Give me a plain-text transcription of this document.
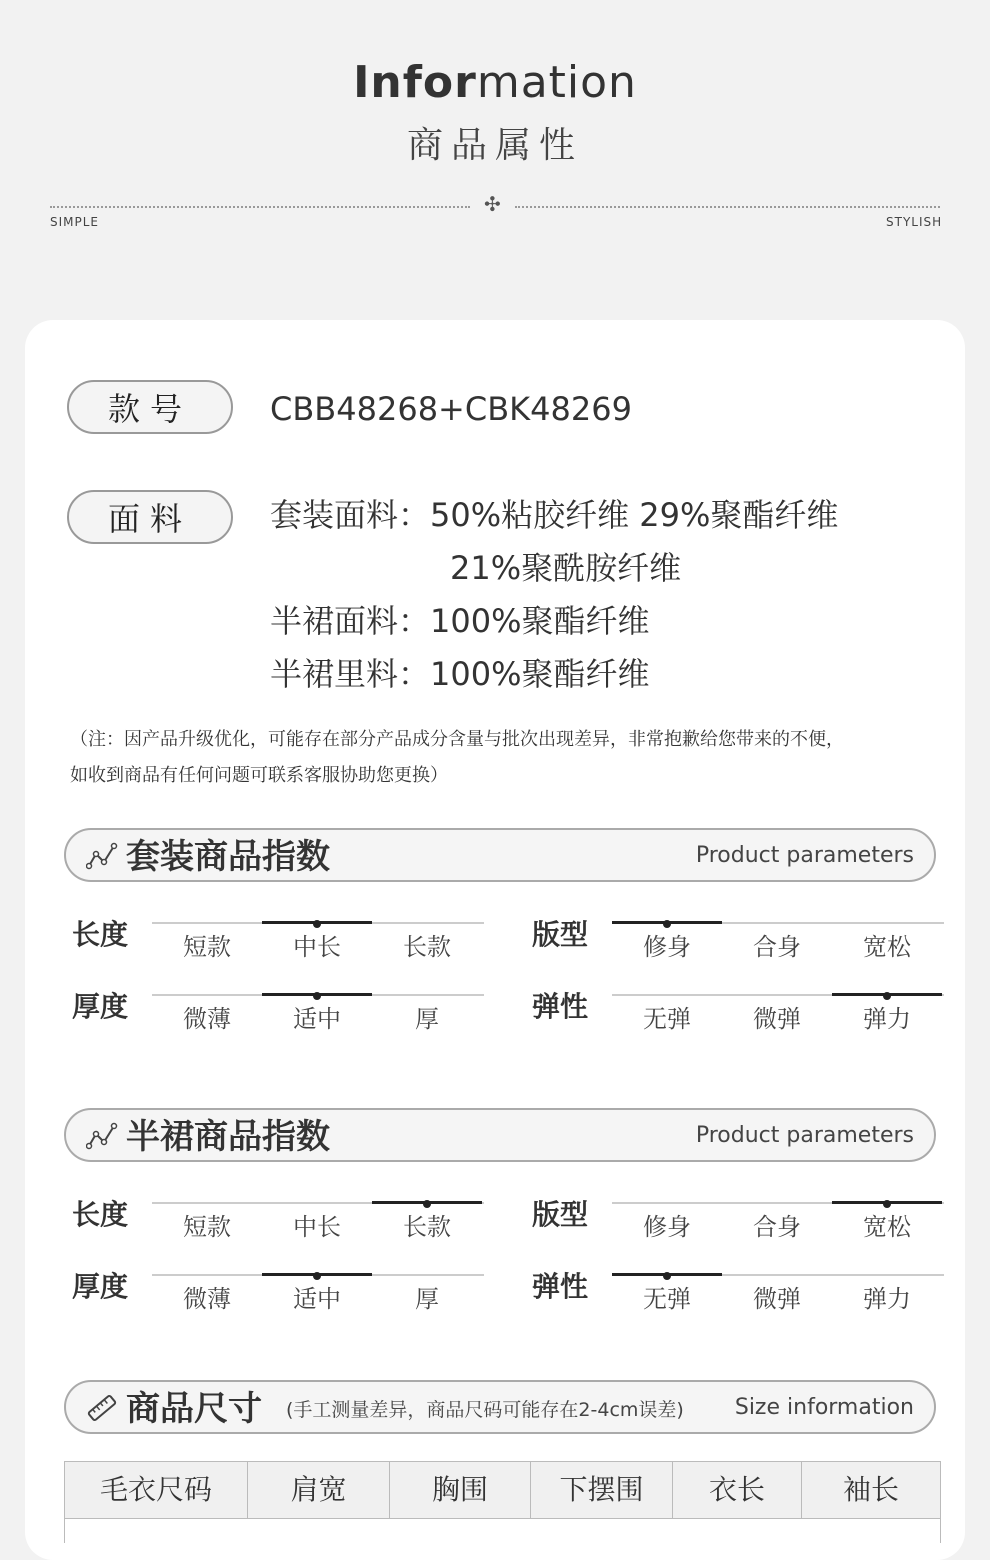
Information
商品属性
✣
SIMPLE	STYLISH
款号	CBB48268+CBK48269
面料	套装面料：50%粘胶纤维 29%聚酯纤维
21%聚酰胺纤维
半裙面料：100%聚酯纤维
半裙里料：100%聚酯纤维
（注：因产品升级优化，可能存在部分产品成分含量与批次出现差异，非常抱歉给您带来的不便，
如收到商品有任何问题可联系客服协助您更换）
套装商品指数	Product parameters
长度	短款	中长	长款	版型	修身	合身	宽松
厚度	微薄	适中	厚	弹性	无弹	微弹	弹力
半裙商品指数	Product parameters
长度	短款	中长	长款	版型	修身	合身	宽松
厚度	微薄	适中	厚	弹性	无弹	微弹	弹力
商品尺寸 (手工测量差异，商品尺码可能存在2-4cm误差) Size information
毛衣尺码	肩宽	胸围	下摆围	衣长	袖长
